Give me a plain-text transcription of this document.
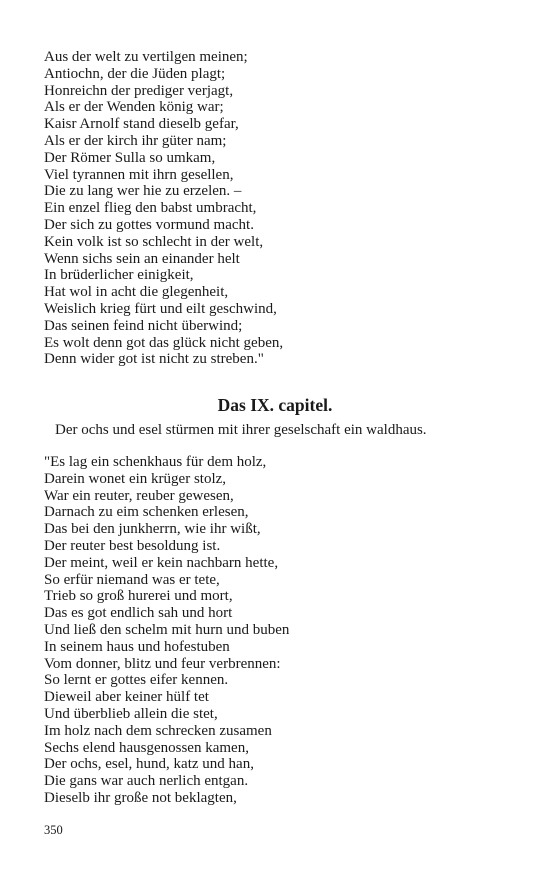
Aus der welt zu vertilgen meinen;
Antiochn, der die Jüden plagt;
Honreichn der prediger verjagt,
Als er der Wenden könig war;
Kaisr Arnolf stand dieselb gefar,
Als er der kirch ihr güter nam;
Der Römer Sulla so umkam,
Viel tyrannen mit ihrn gesellen,
Die zu lang wer hie zu erzelen. –
Ein enzel flieg den babst umbracht,
Der sich zu gottes vormund macht.
Kein volk ist so schlecht in der welt,
Wenn sichs sein an einander helt
In brüderlicher einigkeit,
Hat wol in acht die glegenheit,
Weislich krieg fürt und eilt geschwind,
Das seinen feind nicht überwind;
Es wolt denn got das glück nicht geben,
Denn wider got ist nicht zu streben."
Das IX. capitel.
Der ochs und esel stürmen mit ihrer geselschaft ein waldhaus.
"Es lag ein schenkhaus für dem holz,
Darein wonet ein krüger stolz,
War ein reuter, reuber gewesen,
Darnach zu eim schenken erlesen,
Das bei den junkherrn, wie ihr wißt,
Der reuter best besoldung ist.
Der meint, weil er kein nachbarn hette,
So erfür niemand was er tete,
Trieb so groß hurerei und mort,
Das es got endlich sah und hort
Und ließ den schelm mit hurn und buben
In seinem haus und hofestuben
Vom donner, blitz und feur verbrennen:
So lernt er gottes eifer kennen.
Dieweil aber keiner hülf tet
Und überblieb allein die stet,
Im holz nach dem schrecken zusamen
Sechs elend hausgenossen kamen,
Der ochs, esel, hund, katz und han,
Die gans war auch nerlich entgan.
Dieselb ihr große not beklagten,
350
